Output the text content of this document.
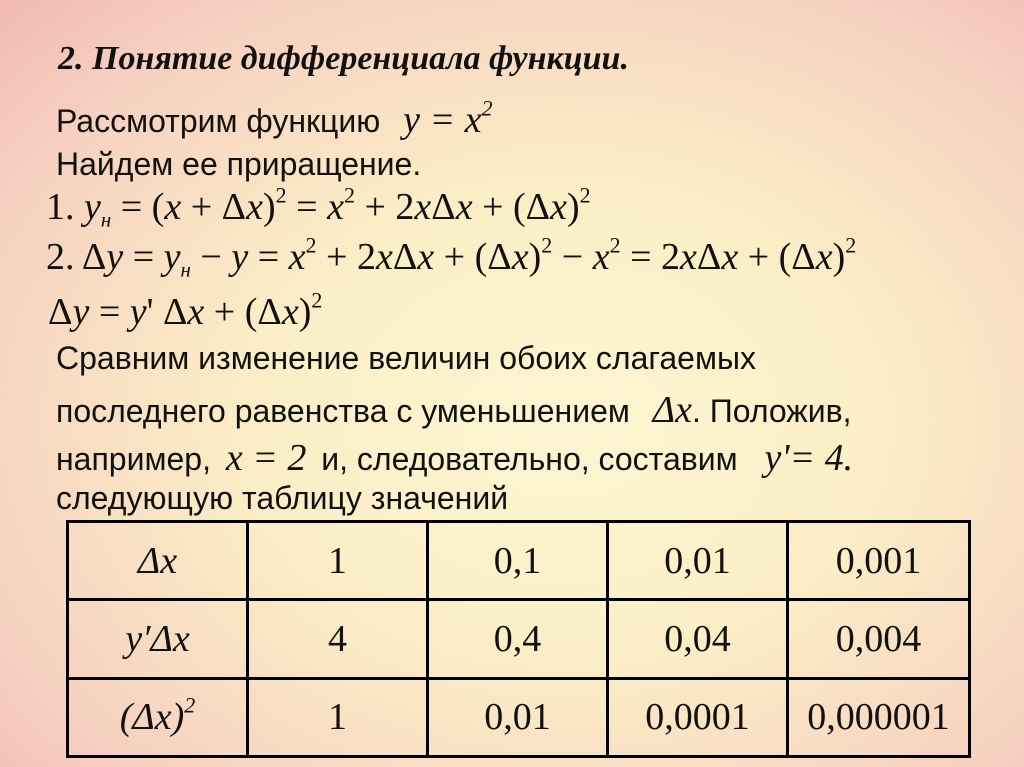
2. Понятие дифференциала функции.
Рассмотрим функцию $y = x^2$
Найдем ее приращение.
1. $y_н = (x + \Delta x)^2 = x^2 + 2x\Delta x + (\Delta x)^2$
2. $\Delta y = y_н - y = x^2 + 2x\Delta x + (\Delta x)^2 - x^2 = 2x\Delta x + (\Delta x)^2$
Δy = y' $\Delta x + (\Delta x)^2$
Сравним изменение величин обоих слагаемых
последнего равенства с уменьшением Δx. Положив,
например, x = 2 и, следовательно, составим y'= 4.
следующую таблицу значений
Δx	1	0,1	0,01	0,001
y′Δx	4	0,4	0,04	0,004
$(\Delta x)^2$	1	0,01	0,0001	0,000001
